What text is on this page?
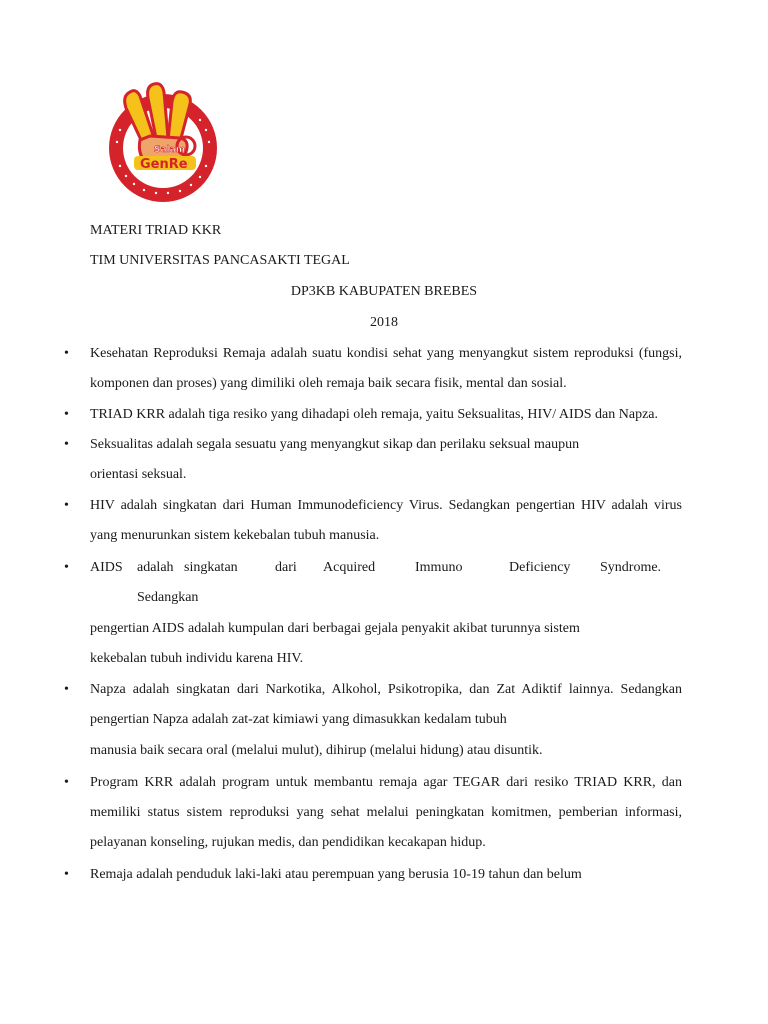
Salam
GenRe
MATERI TRIAD KKR
TIM UNIVERSITAS PANCASAKTI TEGAL
DP3KB KABUPATEN BREBES
2018
• Kesehatan Reproduksi Remaja adalah suatu kondisi sehat yang menyangkut sistem reproduksi (fungsi,
komponen dan proses) yang dimiliki oleh remaja baik secara fisik, mental dan sosial.
• TRIAD KRR adalah tiga resiko yang dihadapi oleh remaja, yaitu Seksualitas, HIV/ AIDS dan Napza.
• Seksualitas adalah segala sesuatu yang menyangkut sikap dan perilaku seksual maupun
orientasi seksual.
• HIV adalah singkatan dari Human Immunodeficiency Virus. Sedangkan pengertian HIV adalah virus
yang menurunkan sistem kekebalan tubuh manusia.
• AIDS adalah singkatan	dari Acquired	Immuno	Deficiency Syndrome.
Sedangkan
pengertian AIDS adalah kumpulan dari berbagai gejala penyakit akibat turunnya sistem
kekebalan tubuh individu karena HIV.
• Napza adalah singkatan dari Narkotika, Alkohol, Psikotropika, dan Zat Adiktif lainnya. Sedangkan
pengertian Napza adalah zat-zat kimiawi yang dimasukkan kedalam tubuh
manusia baik secara oral (melalui mulut), dihirup (melalui hidung) atau disuntik.
• Program KRR adalah program untuk membantu remaja agar TEGAR dari resiko TRIAD KRR, dan
memiliki status sistem reproduksi yang sehat melalui peningkatan komitmen, pemberian informasi,
pelayanan konseling, rujukan medis, dan pendidikan kecakapan hidup.
• Remaja adalah penduduk laki-laki atau perempuan yang berusia 10-19 tahun dan belum
